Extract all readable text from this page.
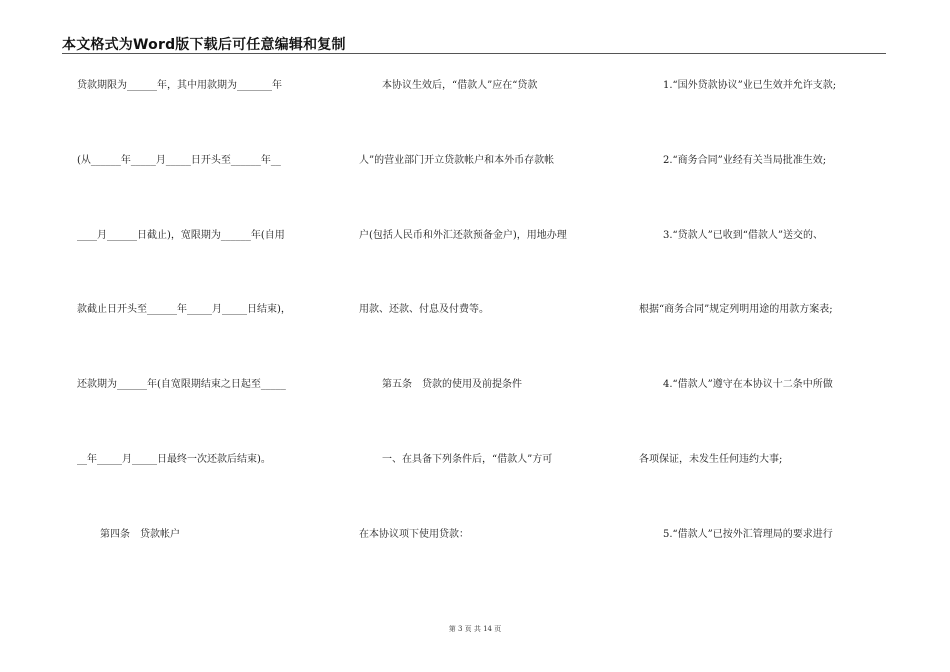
本文格式为Word版下载后可任意编辑和复制
贷款期限为______年，其中用款期为_______年
(从______年_____月_____日开头至______年__
____月______日截止)，宽限期为______年(自用
款截止日开头至______年_____月_____日结束)，
还款期为______年(自宽限期结束之日起至_____
__年_____月_____日最终一次还款后结束)。
第四条　贷款帐户
本协议生效后，“借款人”应在“贷款
人”的营业部门开立贷款帐户和本外币存款帐
户(包括人民币和外汇还款预备金户)，用地办理
用款、还款、付息及付费等。
第五条　贷款的使用及前提条件
一、在具备下列条件后，“借款人”方可
在本协议项下使用贷款：
1.“国外贷款协议”业已生效并允许支款;
2.“商务合同”业经有关当局批准生效;
3.“贷款人”已收到“借款人”送交的、
根据“商务合同”规定列明用途的用款方案表;
4.“借款人”遵守在本协议十二条中所做
各项保证，未发生任何违约大事;
5.“借款人”已按外汇管理局的要求进行
第 3 页 共 14 页
